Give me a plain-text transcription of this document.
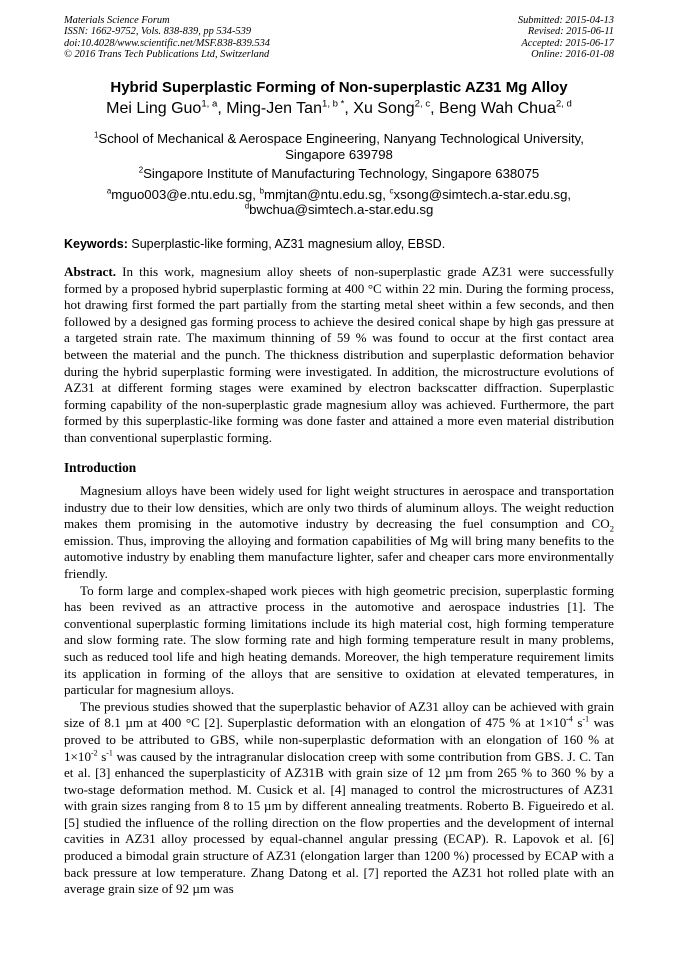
Materials Science Forum
ISSN: 1662-9752, Vols. 838-839, pp 534-539
doi:10.4028/www.scientific.net/MSF.838-839.534
© 2016 Trans Tech Publications Ltd, Switzerland
Submitted: 2015-04-13
Revised: 2015-06-11
Accepted: 2015-06-17
Online: 2016-01-08
Hybrid Superplastic Forming of Non-superplastic AZ31 Mg Alloy
Mei Ling Guo$^{1, a}$, Ming-Jen Tan$^{1, b *}$, Xu Song$^{2, c}$, Beng Wah Chua$^{2, d}$
$^1$School of Mechanical & Aerospace Engineering, Nanyang Technological University, Singapore 639798
$^2$Singapore Institute of Manufacturing Technology, Singapore 638075
$^a$mguo003@e.ntu.edu.sg, $^b$mmjtan@ntu.edu.sg, $^c$xsong@simtech.a-star.edu.sg,
$^d$bwchua@simtech.a-star.edu.sg
Keywords: Superplastic-like forming, AZ31 magnesium alloy, EBSD.

Abstract. In this work, magnesium alloy sheets of non-superplastic grade AZ31 were successfully formed by a proposed hybrid superplastic forming at 400 °C within 22 min. During the forming process, hot drawing first formed the part partially from the starting metal sheet within a few seconds, and then followed by a designed gas forming process to achieve the desired conical shape by high gas pressure at a targeted strain rate. The maximum thinning of 59 % was found to occur at the first contact area between the material and the punch. The thickness distribution and superplastic deformation behavior during the hybrid superplastic forming were investigated. In addition, the microstructure evolutions of AZ31 at different forming stages were examined by electron backscatter diffraction. Superplastic forming capability of the non-superplastic grade magnesium alloy was achieved. Furthermore, the part formed by this superplastic-like forming was done faster and attained a more even material distribution than conventional superplastic forming.

Introduction

Magnesium alloys have been widely used for light weight structures in aerospace and transportation industry due to their low densities, which are only two thirds of aluminum alloys. The weight reduction makes them promising in the automotive industry by decreasing the fuel consumption and $CO_2$ emission. Thus, improving the alloying and formation capabilities of Mg will bring many benefits to the automotive industry by enabling them manufacture lighter, safer and cheaper cars more environmentally friendly.

To form large and complex-shaped work pieces with high geometric precision, superplastic forming has been revived as an attractive process in the automotive and aerospace industries [1]. The conventional superplastic forming limitations include its high material cost, high forming temperature and slow forming rate. The slow forming rate and high forming temperature result in many problems, such as reduced tool life and high heating demands. Moreover, the high temperature requirement limits its application in forming of the alloys that are sensitive to oxidation at elevated temperatures, in particular for magnesium alloys.

The previous studies showed that the superplastic behavior of AZ31 alloy can be achieved with grain size of 8.1 µm at 400 °C [2]. Superplastic deformation with an elongation of 475 % at $1\times 10^{-4}$ $s^{-1}$ was proved to be attributed to GBS, while non-superplastic deformation with an elongation of 160 % at $1\times 10^{-2}$ $s^{-1}$ was caused by the intragranular dislocation creep with some contribution from GBS. J. C. Tan et al. [3] enhanced the superplasticity of AZ31B with grain size of 12 µm from 265 % to 360 % by a two-stage deformation method. M. Cusick et al. [4] managed to control the microstructures of AZ31 with grain sizes ranging from 8 to 15 µm by different annealing treatments. Roberto B. Figueiredo et al. [5] studied the influence of the rolling direction on the flow properties and the development of internal cavities in AZ31 alloy processed by equal-channel angular pressing (ECAP). R. Lapovok et al. [6] produced a bimodal grain structure of AZ31 (elongation larger than 1200 %) processed by ECAP with a back pressure at low temperature. Zhang Datong et al. [7] reported the AZ31 hot rolled plate with an average grain size of 92 µm was
